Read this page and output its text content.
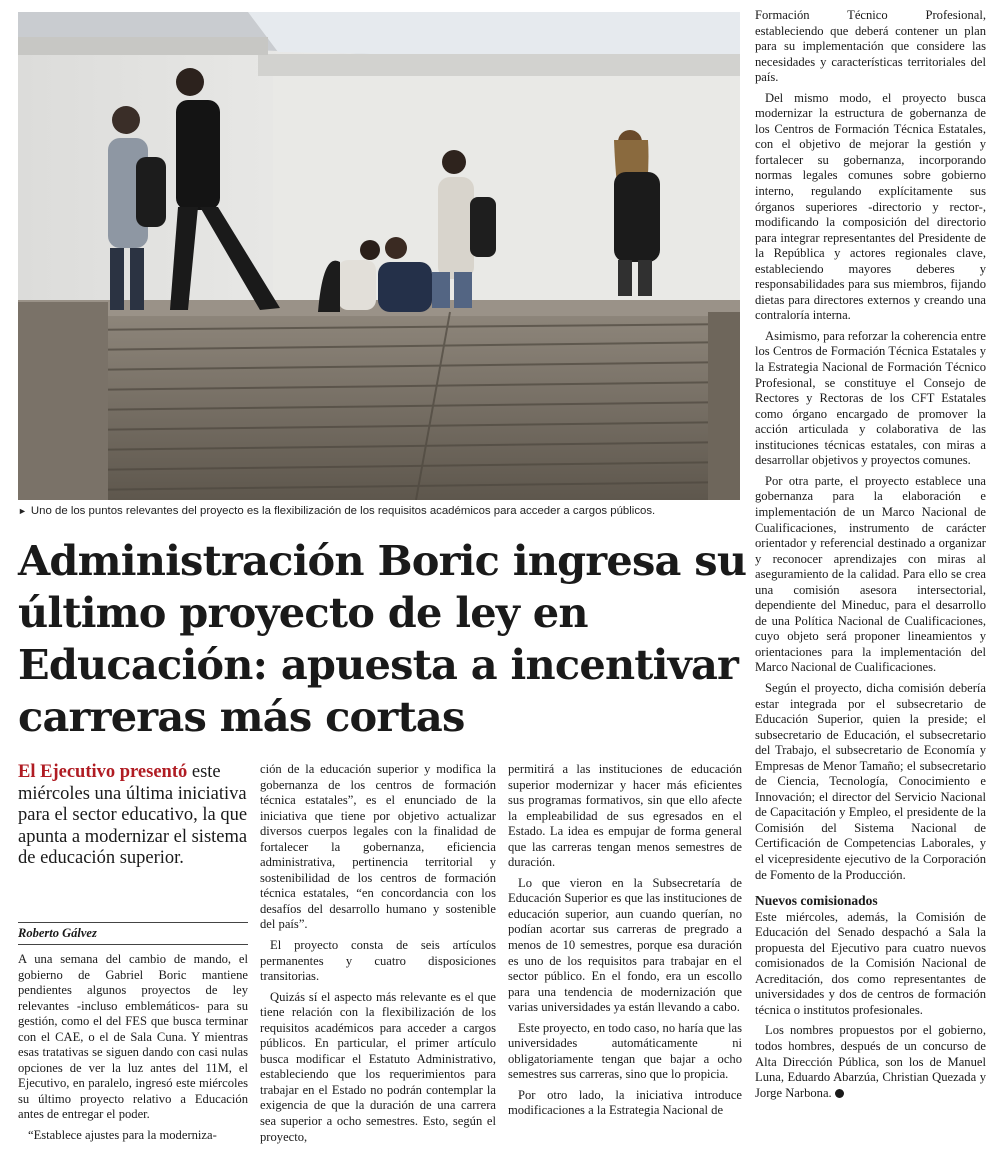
► Uno de los puntos relevantes del proyecto es la flexibilización de los requisitos académicos para acceder a cargos públicos.
Administración Boric ingresa su último proyecto de ley en Educación: apuesta a incentivar carreras más cortas
El Ejecutivo presentó este miércoles una última iniciativa para el sector educativo, la que apunta a modernizar el sistema de educación superior.
Roberto Gálvez

A una semana del cambio de mando, el gobierno de Gabriel Boric mantiene pendientes algunos proyectos de ley relevantes -incluso emblemáticos- para su gestión, como el del FES que busca terminar con el CAE, o el de Sala Cuna. Y mientras esas tratativas se siguen dando con casi nulas opciones de ver la luz antes del 11M, el Ejecutivo, en paralelo, ingresó este miércoles su último proyecto relativo a Educación antes de entregar el poder.

“Establece ajustes para la moderniza-

ción de la educación superior y modifica la gobernanza de los centros de formación técnica estatales”, es el enunciado de la iniciativa que tiene por objetivo actualizar diversos cuerpos legales con la finalidad de fortalecer la gobernanza, eficiencia administrativa, pertinencia territorial y sostenibilidad de los centros de formación técnica estatales, “en concordancia con los desafíos del desarrollo humano y sostenible del país”.

El proyecto consta de seis artículos permanentes y cuatro disposiciones transitorias.

Quizás sí el aspecto más relevante es el que tiene relación con la flexibilización de los requisitos académicos para acceder a cargos públicos. En particular, el primer artículo busca modificar el Estatuto Administrativo, estableciendo que los requerimientos para trabajar en el Estado no podrán contemplar la exigencia de que la duración de una carrera sea superior a ocho semestres. Esto, según el proyecto,

permitirá a las instituciones de educación superior modernizar y hacer más eficientes sus programas formativos, sin que ello afecte la empleabilidad de sus egresados en el Estado. La idea es empujar de forma general que las carreras tengan menos semestres de duración.

Lo que vieron en la Subsecretaría de Educación Superior es que las instituciones de educación superior, aun cuando querían, no podían acortar sus carreras de pregrado a menos de 10 semestres, porque esa duración es uno de los requisitos para trabajar en el sector público. En el fondo, era un escollo para una tendencia de modernización que varias universidades ya están llevando a cabo.

Este proyecto, en todo caso, no haría que las universidades automáticamente ni obligatoriamente tengan que bajar a ocho semestres sus carreras, sino que lo propicia.

Por otro lado, la iniciativa introduce modificaciones a la Estrategia Nacional de

Formación Técnico Profesional, estableciendo que deberá contener un plan para su implementación que considere las necesidades y características territoriales del país.

Del mismo modo, el proyecto busca modernizar la estructura de gobernanza de los Centros de Formación Técnica Estatales, con el objetivo de mejorar la gestión y fortalecer su gobernanza, incorporando normas legales comunes sobre gobierno interno, regulando explícitamente sus órganos superiores -directorio y rector-, modificando la composición del directorio para integrar representantes del Presidente de la República y actores regionales clave, estableciendo mayores deberes y responsabilidades para sus miembros, fijando dietas para directores externos y creando una contraloría interna.

Asimismo, para reforzar la coherencia entre los Centros de Formación Técnica Estatales y la Estrategia Nacional de Formación Técnico Profesional, se constituye el Consejo de Rectores y Rectoras de los CFT Estatales como órgano encargado de promover la acción articulada y colaborativa de las instituciones técnicas estatales, con miras a desarrollar objetivos y proyectos comunes.

Por otra parte, el proyecto establece una gobernanza para la elaboración e implementación de un Marco Nacional de Cualificaciones, instrumento de carácter orientador y referencial destinado a organizar y reconocer aprendizajes con miras al aseguramiento de la calidad. Para ello se crea una comisión asesora intersectorial, dependiente del Mineduc, para el desarrollo de una Política Nacional de Cualificaciones, cuyo objeto será proponer lineamientos y orientaciones para la implementación del Marco Nacional de Cualificaciones.

Según el proyecto, dicha comisión debería estar integrada por el subsecretario de Educación Superior, quien la preside; el subsecretario de Educación, el subsecretario del Trabajo, el subsecretario de Economía y Empresas de Menor Tamaño; el subsecretario de Ciencia, Tecnología, Conocimiento e Innovación; el director del Servicio Nacional de Capacitación y Empleo, el presidente de la Comisión del Sistema Nacional de Certificación de Competencias Laborales, y el vicepresidente ejecutivo de la Corporación de Fomento de la Producción.

Nuevos comisionados

Este miércoles, además, la Comisión de Educación del Senado despachó a Sala la propuesta del Ejecutivo para cuatro nuevos comisionados de la Comisión Nacional de Acreditación, dos como representantes de universidades y dos de centros de formación técnica o institutos profesionales.

Los nombres propuestos por el gobierno, todos hombres, después de un concurso de Alta Dirección Pública, son los de Manuel Luna, Eduardo Abarzúa, Christian Quezada y Jorge Narbona.
